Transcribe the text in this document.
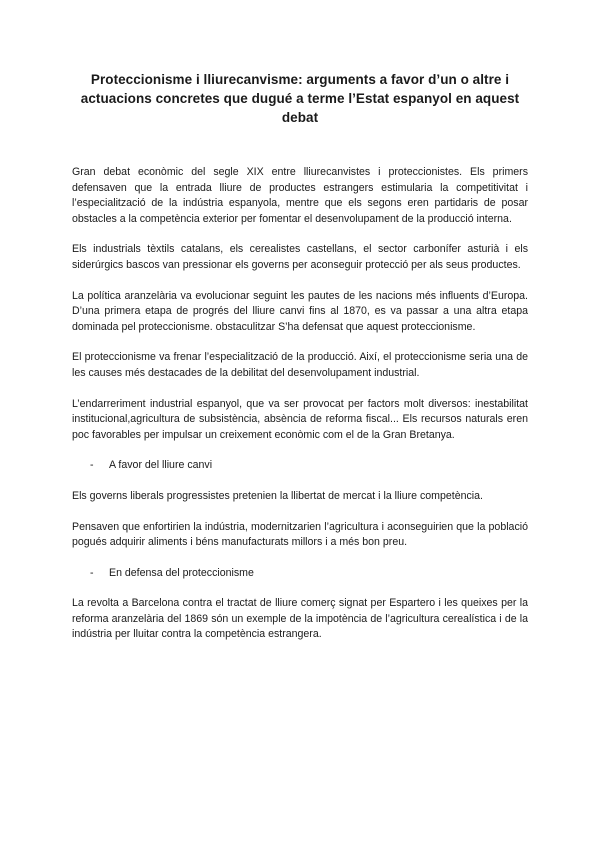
Proteccionisme i lliurecanvisme: arguments a favor d’un o altre i actuacions concretes que dugué a terme l’Estat espanyol en aquest debat

Gran debat econòmic del segle XIX entre lliurecanvistes i proteccionistes. Els primers defensaven que la entrada lliure de productes estrangers estimularia la competitivitat i l’especialització de la indústria espanyola, mentre que els segons eren partidaris de posar obstacles a la competència exterior per fomentar el desenvolupament de la producció interna.

Els industrials tèxtils catalans, els cerealistes castellans, el sector carbonífer asturià i els siderúrgics bascos van pressionar els governs per aconseguir protecció per als seus productes.

La política aranzelària va evolucionar seguint les pautes de les nacions més influents d’Europa. D’una primera etapa de progrés del lliure canvi fins al 1870, es va passar a una altra etapa dominada pel proteccionisme. obstaculitzar S’ha defensat que aquest proteccionisme.

El proteccionisme va frenar l’especialització de la producció. Així, el proteccionisme seria una de les causes més destacades de la debilitat del desenvolupament industrial.

L’endarreriment industrial espanyol, que va ser provocat per factors molt diversos: inestabilitat institucional,agricultura de subsistència, absència de reforma fiscal... Els recursos naturals eren poc favorables per impulsar un creixement econòmic com el de la Gran Bretanya.

-	A favor del lliure canvi

Els governs liberals progressistes pretenien la llibertat de mercat i la lliure competència.

Pensaven que enfortirien la indústria, modernitzarien l’agricultura i aconseguirien que la població pogués adquirir aliments i béns manufacturats millors i a més bon preu.

-	En defensa del proteccionisme

La revolta a Barcelona contra el tractat de lliure comerç signat per Espartero i les queixes per la reforma aranzelària del 1869 són un exemple de la impotència de l’agricultura cerealística i de la indústria per lluitar contra la competència estrangera.
